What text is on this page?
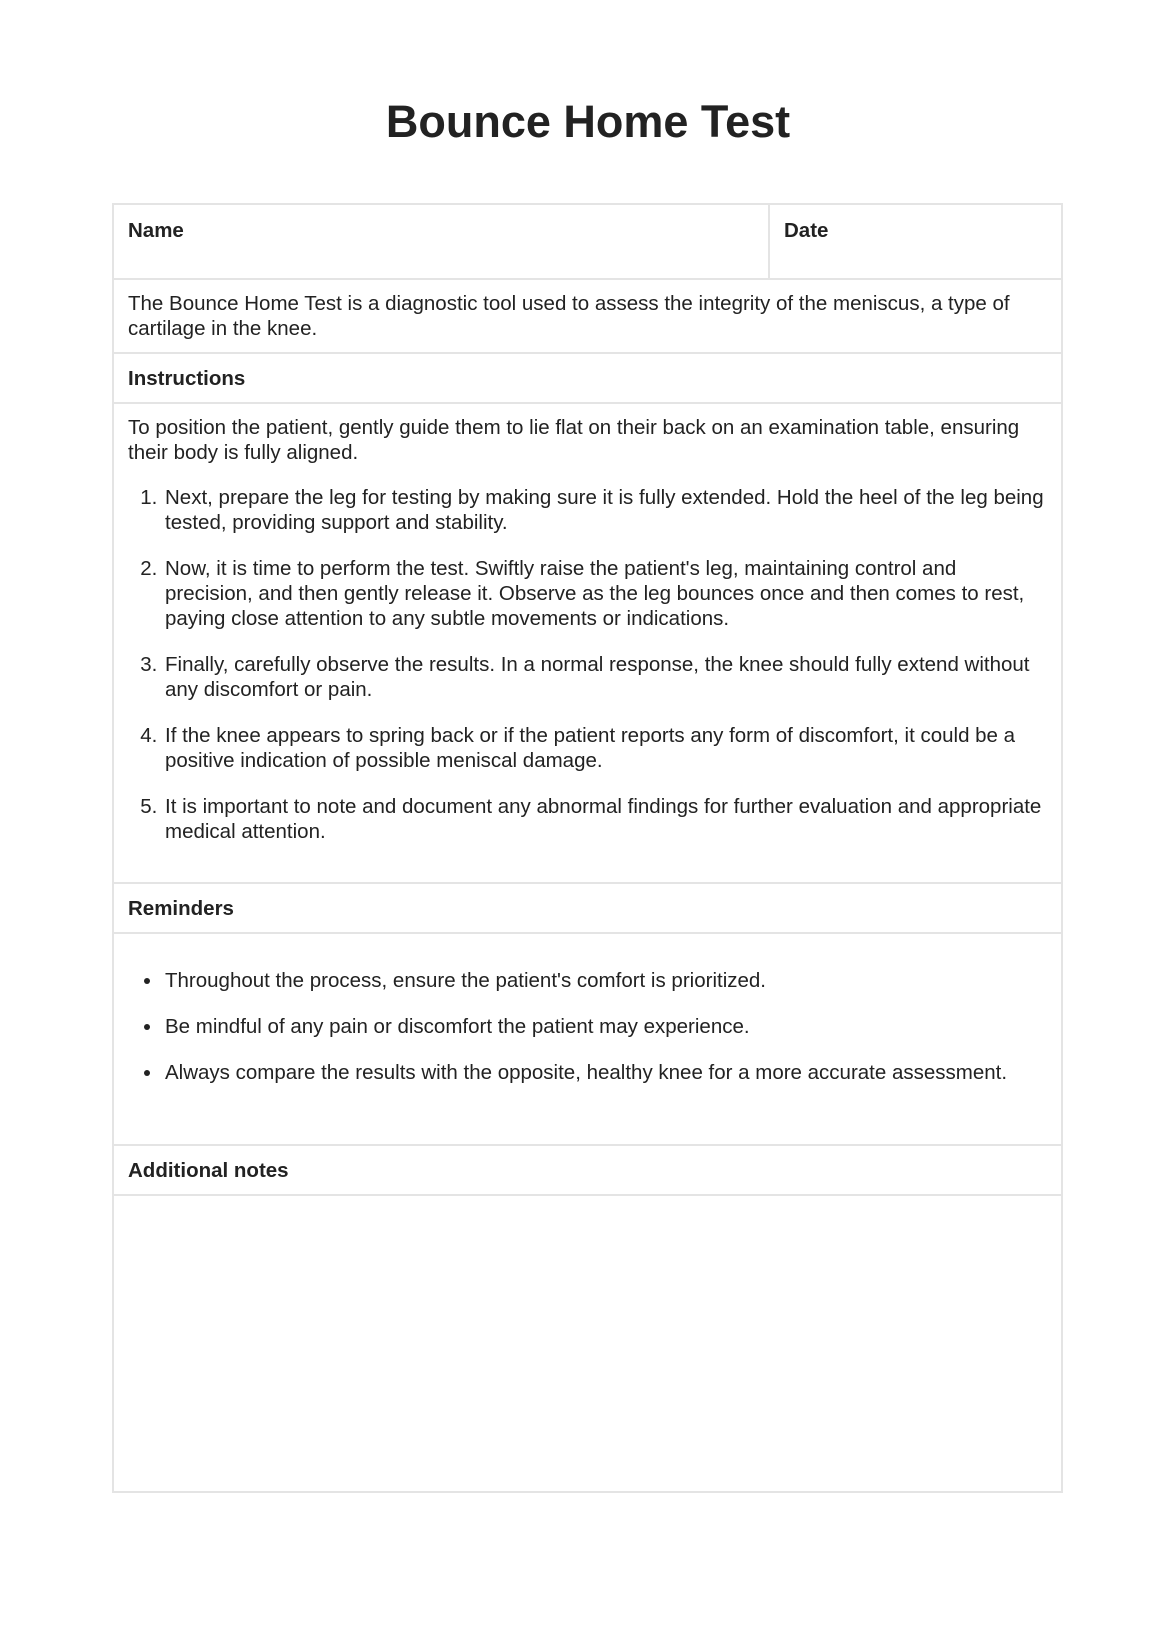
Bounce Home Test
Name	Date
The Bounce Home Test is a diagnostic tool used to assess the integrity of the meniscus, a type of cartilage in the knee.
Instructions
To position the patient, gently guide them to lie flat on their back on an examination table, ensuring their body is fully aligned.
1. Next, prepare the leg for testing by making sure it is fully extended. Hold the heel of the leg being tested, providing support and stability.
2. Now, it is time to perform the test. Swiftly raise the patient's leg, maintaining control and precision, and then gently release it. Observe as the leg bounces once and then comes to rest, paying close attention to any subtle movements or indications.
3. Finally, carefully observe the results. In a normal response, the knee should fully extend without any discomfort or pain.
4. If the knee appears to spring back or if the patient reports any form of discomfort, it could be a positive indication of possible meniscal damage.
5. It is important to note and document any abnormal findings for further evaluation and appropriate medical attention.
Reminders
• Throughout the process, ensure the patient's comfort is prioritized.
• Be mindful of any pain or discomfort the patient may experience.
• Always compare the results with the opposite, healthy knee for a more accurate assessment.
Additional notes
